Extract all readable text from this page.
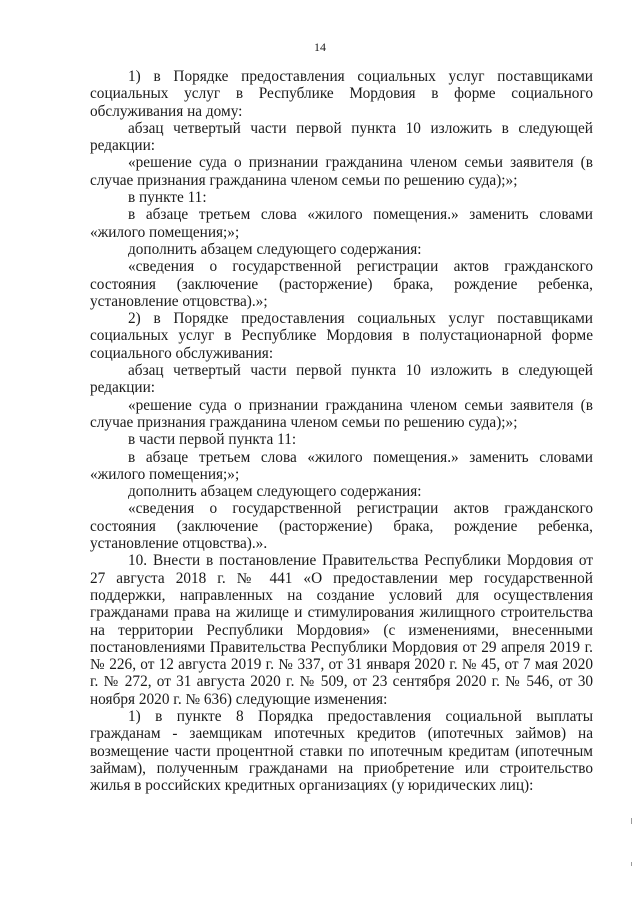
14

1) в Порядке предоставления социальных услуг поставщиками социальных услуг в Республике Мордовия в форме социального обслуживания на дому:

абзац четвертый части первой пункта 10 изложить в следующей редакции:

«решение суда о признании гражданина членом семьи заявителя (в случае признания гражданина членом семьи по решению суда);»;

в пункте 11:

в абзаце третьем слова «жилого помещения.» заменить словами «жилого помещения;»;

дополнить абзацем следующего содержания:

«сведения о государственной регистрации актов гражданского состояния (заключение (расторжение) брака, рождение ребенка, установление отцовства).»;

2) в Порядке предоставления социальных услуг поставщиками социальных услуг в Республике Мордовия в полустационарной форме социального обслуживания:

абзац четвертый части первой пункта 10 изложить в следующей редакции:

«решение суда о признании гражданина членом семьи заявителя (в случае признания гражданина членом семьи по решению суда);»;

в части первой пункта 11:

в абзаце третьем слова «жилого помещения.» заменить словами «жилого помещения;»;

дополнить абзацем следующего содержания:

«сведения о государственной регистрации актов гражданского состояния (заключение (расторжение) брака, рождение ребенка, установление отцовства).».

10. Внести в постановление Правительства Республики Мордовия от 27 августа 2018 г. № 441 «О предоставлении мер государственной поддержки, направленных на создание условий для осуществления гражданами права на жилище и стимулирования жилищного строительства на территории Республики Мордовия» (с изменениями, внесенными постановлениями Правительства Республики Мордовия от 29 апреля 2019 г. № 226, от 12 августа 2019 г. № 337, от 31 января 2020 г. № 45, от 7 мая 2020 г. № 272, от 31 августа 2020 г. № 509, от 23 сентября 2020 г. № 546, от 30 ноября 2020 г. № 636) следующие изменения:

1) в пункте 8 Порядка предоставления социальной выплаты гражданам - заемщикам ипотечных кредитов (ипотечных займов) на возмещение части процентной ставки по ипотечным кредитам (ипотечным займам), полученным гражданами на приобретение или строительство жилья в российских кредитных организациях (у юридических лиц):
